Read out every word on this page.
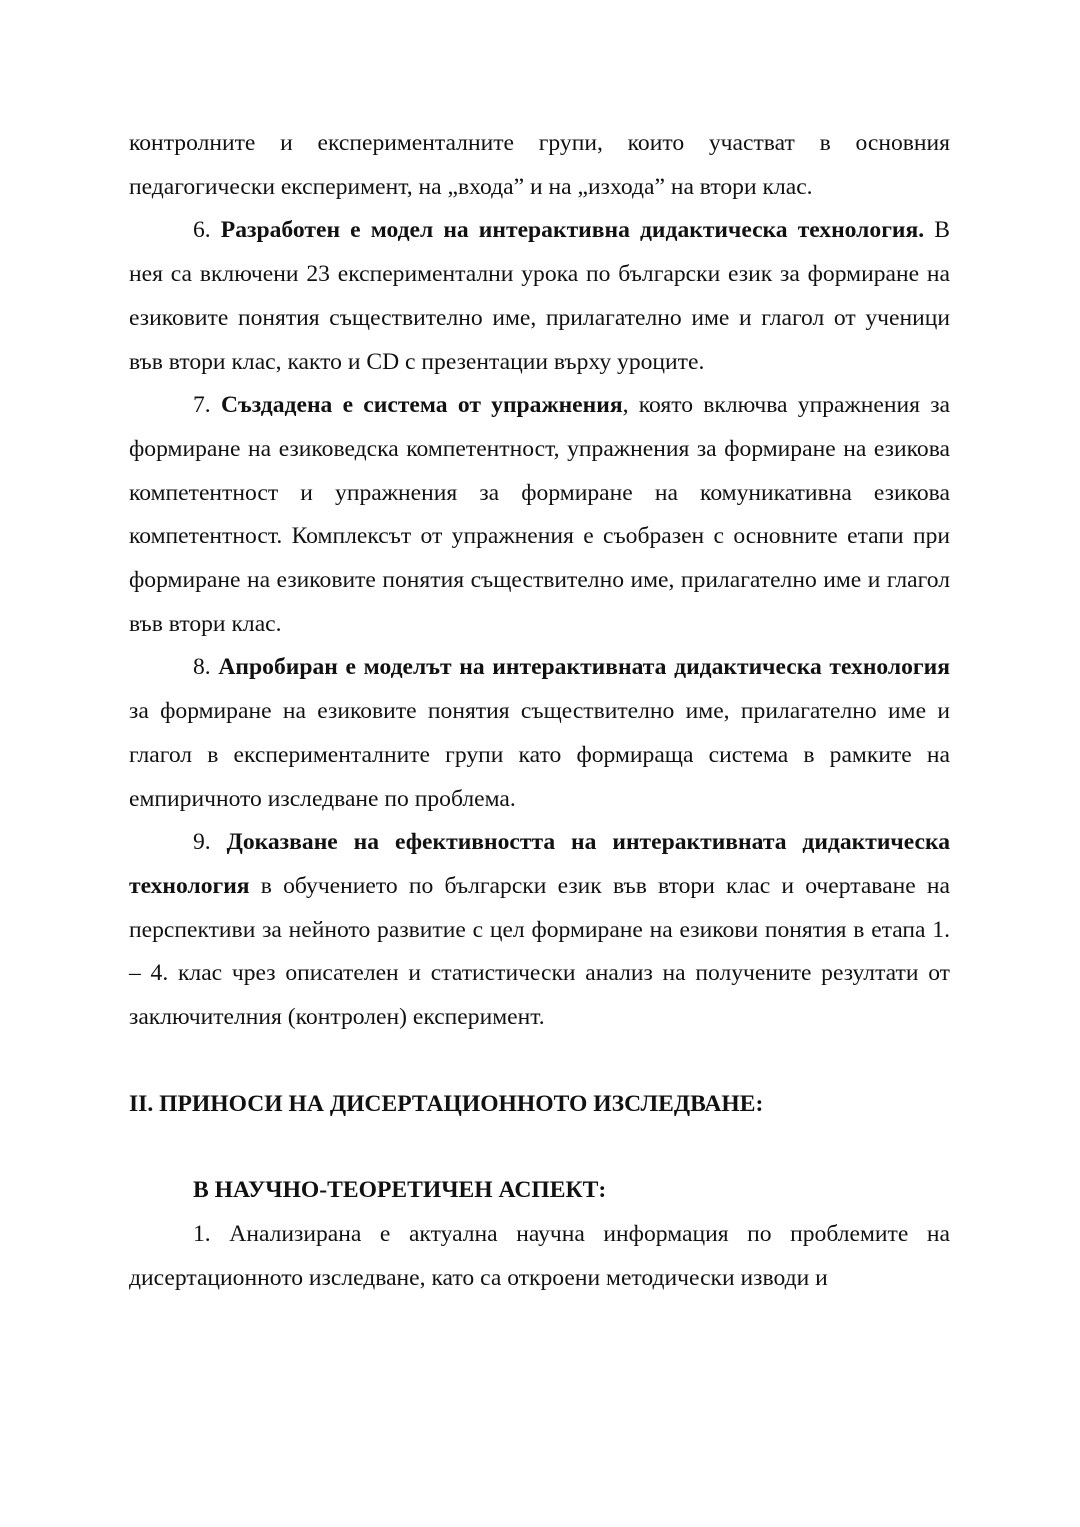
контролните и експерименталните групи, които участват в основния педагогически експеримент, на „входа” и на „изхода” на втори клас.

6. Разработен е модел на интерактивна дидактическа технология. В нея са включени 23 експериментални урока по български език за формиране на езиковите понятия съществително име, прилагателно име и глагол от ученици във втори клас, както и CD с презентации върху уроците.

7. Създадена е система от упражнения, която включва упражнения за формиране на езиковедска компетентност, упражнения за формиране на езикова компетентност и упражнения за формиране на комуникативна езикова компетентност. Комплексът от упражнения е съобразен с основните етапи при формиране на езиковите понятия съществително име, прилагателно име и глагол във втори клас.

8. Апробиран е моделът на интерактивната дидактическа технология за формиране на езиковите понятия съществително име, прилагателно име и глагол в експерименталните групи като формираща система в рамките на емпиричното изследване по проблема.

9. Доказване на ефективността на интерактивната дидактическа технология в обучението по български език във втори клас и очертаване на перспективи за нейното развитие с цел формиране на езикови понятия в етапа 1. – 4. клас чрез описателен и статистически анализ на получените резултати от заключителния (контролен) експеримент.

II. ПРИНОСИ НА ДИСЕРТАЦИОННОТО ИЗСЛЕДВАНЕ:
В НАУЧНО-ТЕОРЕТИЧЕН АСПЕКТ:

1. Анализирана е актуална научна информация по проблемите на дисертационното изследване, като са откроени методически изводи и
